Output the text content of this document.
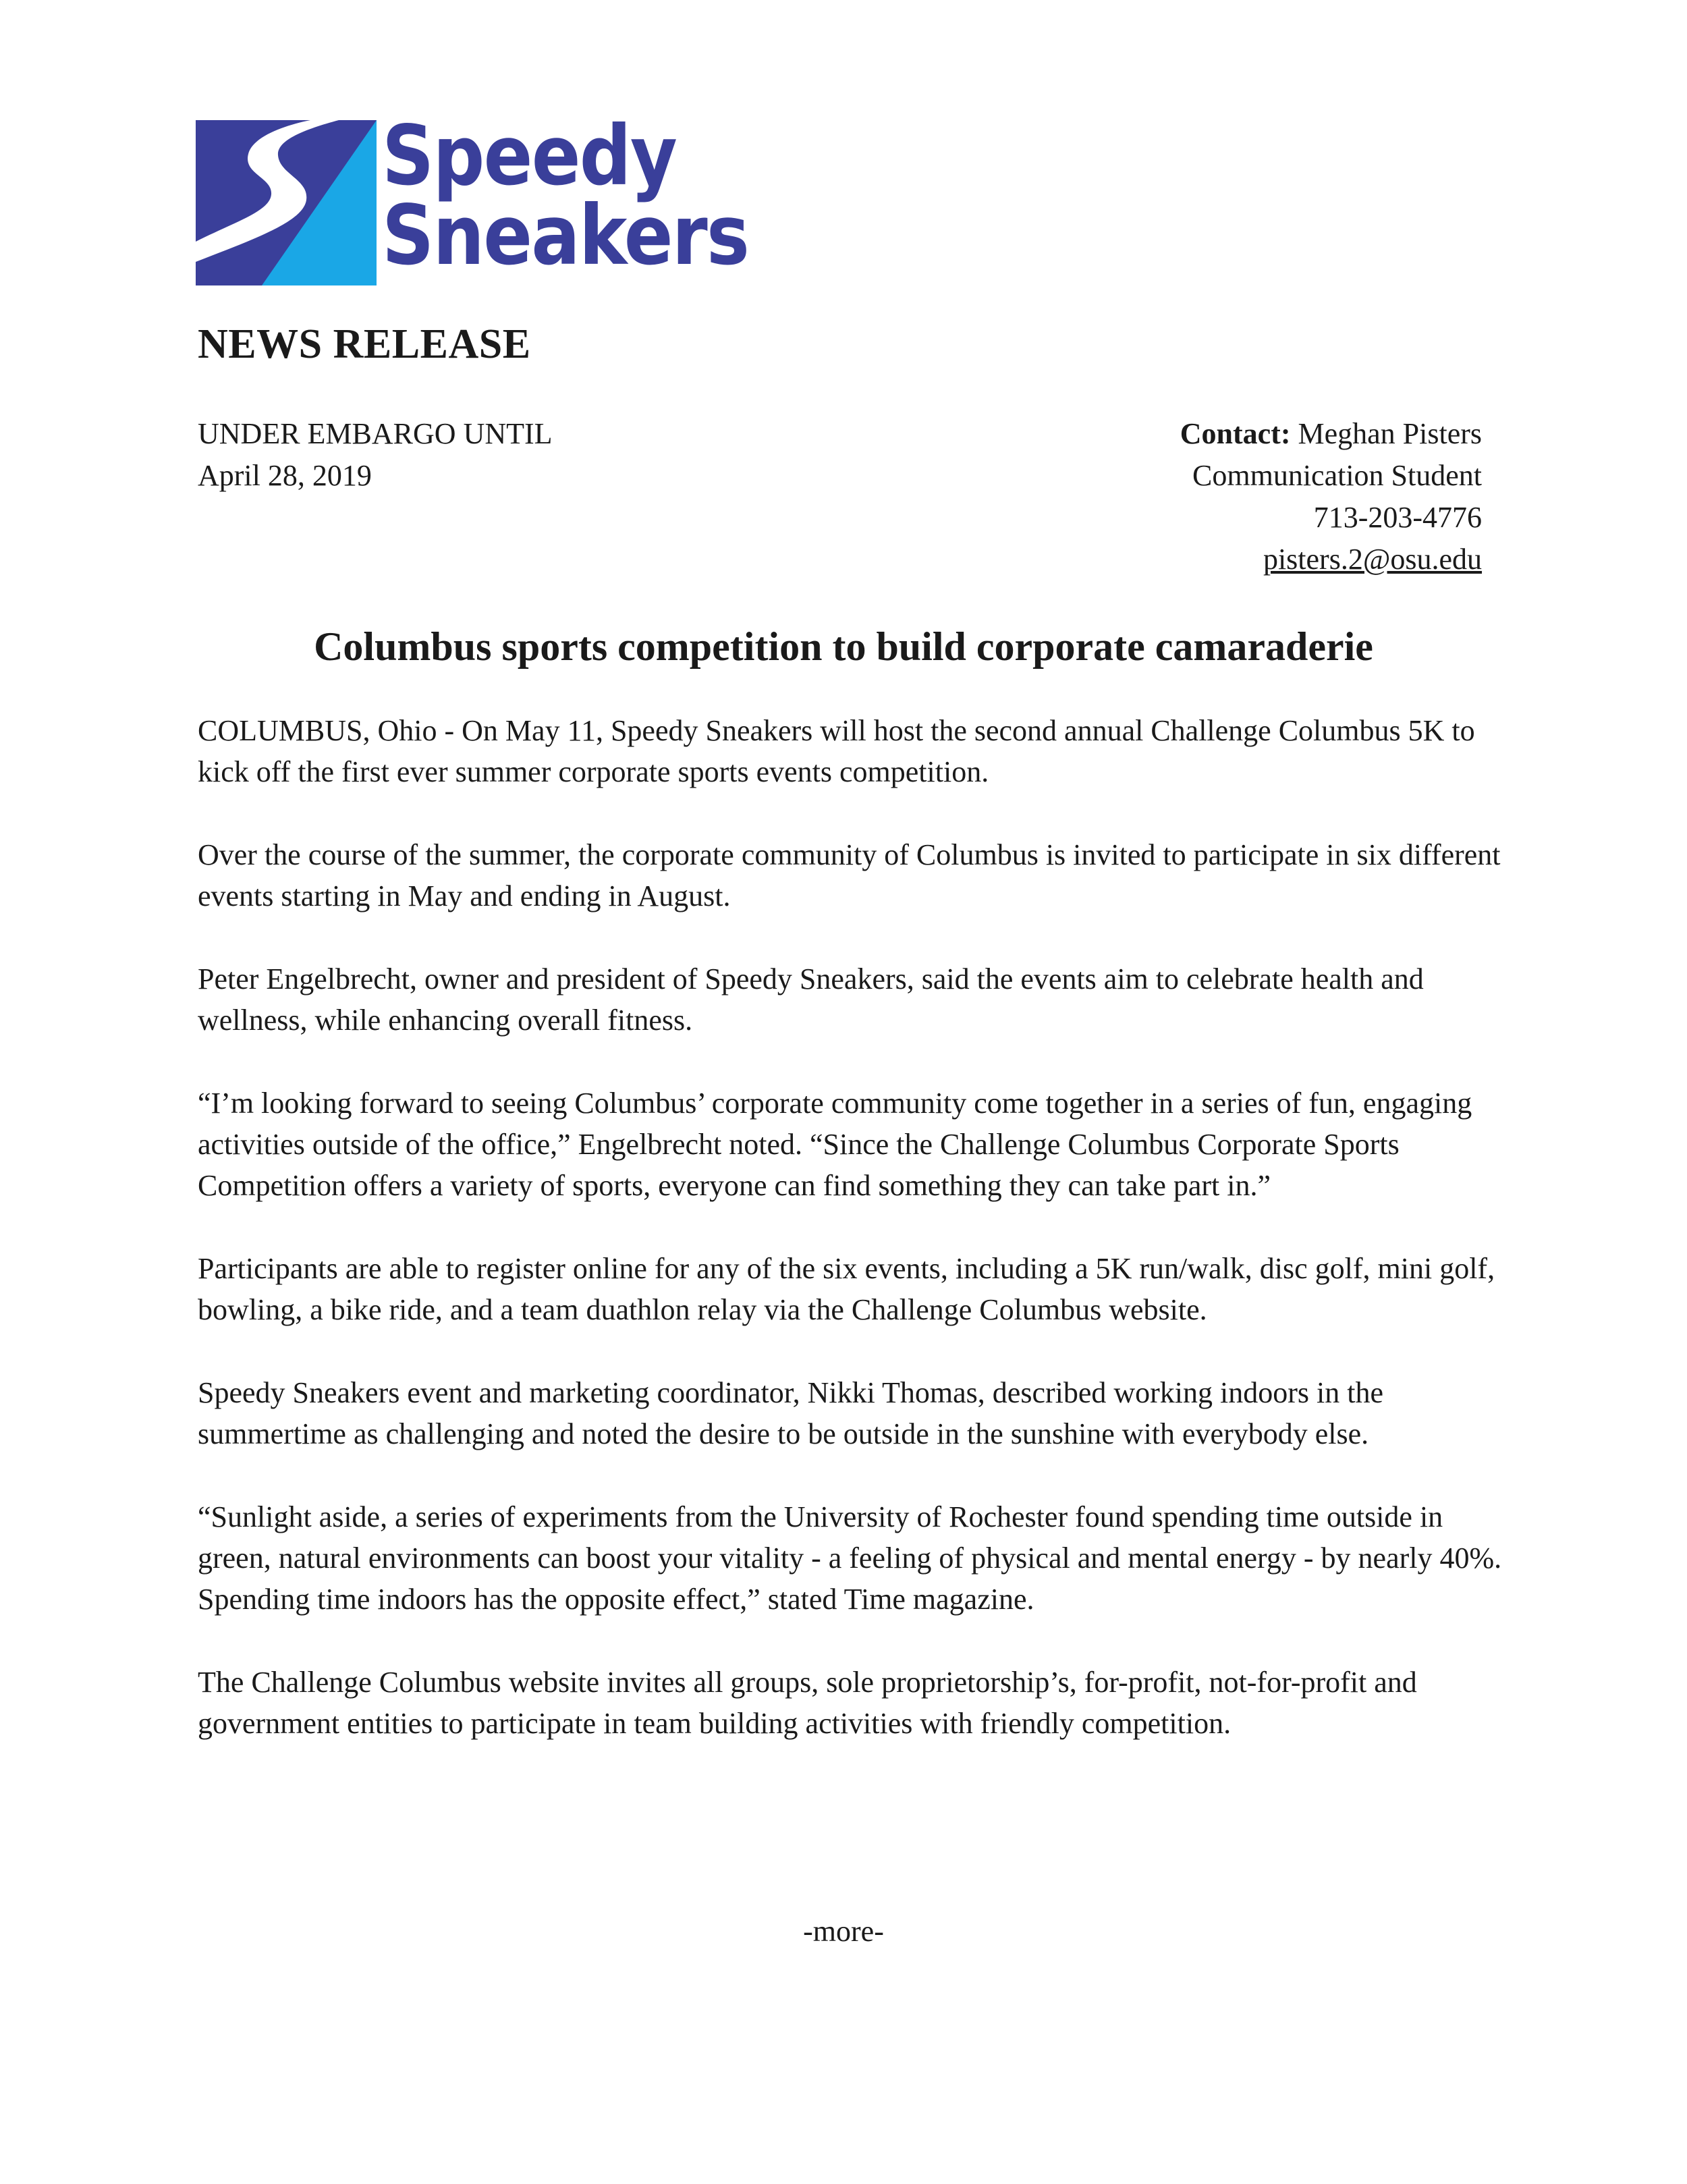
Speedy
Sneakers
NEWS RELEASE
UNDER EMBARGO UNTIL
April 28, 2019
Contact: Meghan Pisters
Communication Student
713-203-4776
pisters.2@osu.edu
Columbus sports competition to build corporate camaraderie

COLUMBUS, Ohio - On May 11, Speedy Sneakers will host the second annual Challenge Columbus 5K to kick off the first ever summer corporate sports events competition.

Over the course of the summer, the corporate community of Columbus is invited to participate in six different events starting in May and ending in August.

Peter Engelbrecht, owner and president of Speedy Sneakers, said the events aim to celebrate health and wellness, while enhancing overall fitness.

“I’m looking forward to seeing Columbus’ corporate community come together in a series of fun, engaging activities outside of the office,” Engelbrecht noted. “Since the Challenge Columbus Corporate Sports Competition offers a variety of sports, everyone can find something they can take part in.”

Participants are able to register online for any of the six events, including a 5K run/walk, disc golf, mini golf, bowling, a bike ride, and a team duathlon relay via the Challenge Columbus website.

Speedy Sneakers event and marketing coordinator, Nikki Thomas, described working indoors in the summertime as challenging and noted the desire to be outside in the sunshine with everybody else.

“Sunlight aside, a series of experiments from the University of Rochester found spending time outside in green, natural environments can boost your vitality - a feeling of physical and mental energy - by nearly 40%. Spending time indoors has the opposite effect,” stated Time magazine.

The Challenge Columbus website invites all groups, sole proprietorship’s, for-profit, not-for-profit and government entities to participate in team building activities with friendly competition.

-more-
